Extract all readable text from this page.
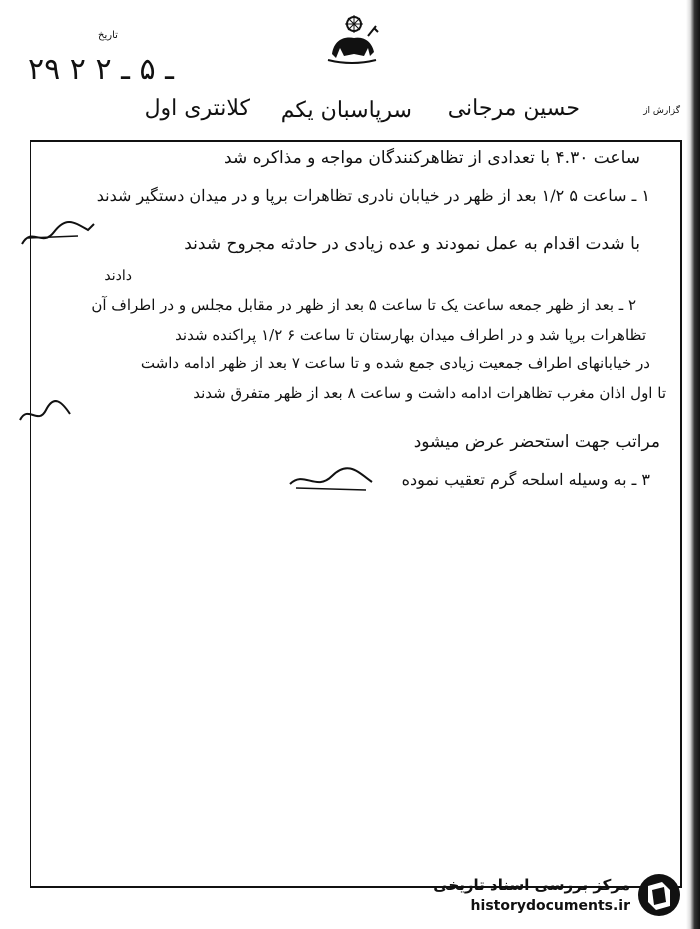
تاریخ
۲۹ ـ ۵ ـ ۲ ۲
گزارش از
حسین مرجانی
سرپاسبان یکم
کلانتری اول
ساعت ۴.۳۰ با تعدادی از تظاهرکنندگان مواجه و مذاکره شد
۱ ـ ساعت ۵ ۱/۲ بعد از ظهر در خیابان نادری تظاهرات برپا و در میدان دستگیر شدند
با شدت اقدام به عمل نمودند و عده زیادی در حادثه مجروح شدند
دادند
۲ ـ بعد از ظهر جمعه ساعت یک تا ساعت ۵ بعد از ظهر در مقابل مجلس و در اطراف آن
تظاهرات برپا شد و در اطراف میدان بهارستان تا ساعت ۶ ۱/۲ پراکنده شدند
در خیابانهای اطراف جمعیت زیادی جمع شده و تا ساعت ۷ بعد از ظهر ادامه داشت
تا اول اذان مغرب تظاهرات ادامه داشت و ساعت ۸ بعد از ظهر متفرق شدند
مراتب جهت استحضر عرض میشود
۳ ـ به وسیله اسلحه گرم تعقیب نموده
مرکز بررسی اسناد تاریخی
historydocuments.ir
